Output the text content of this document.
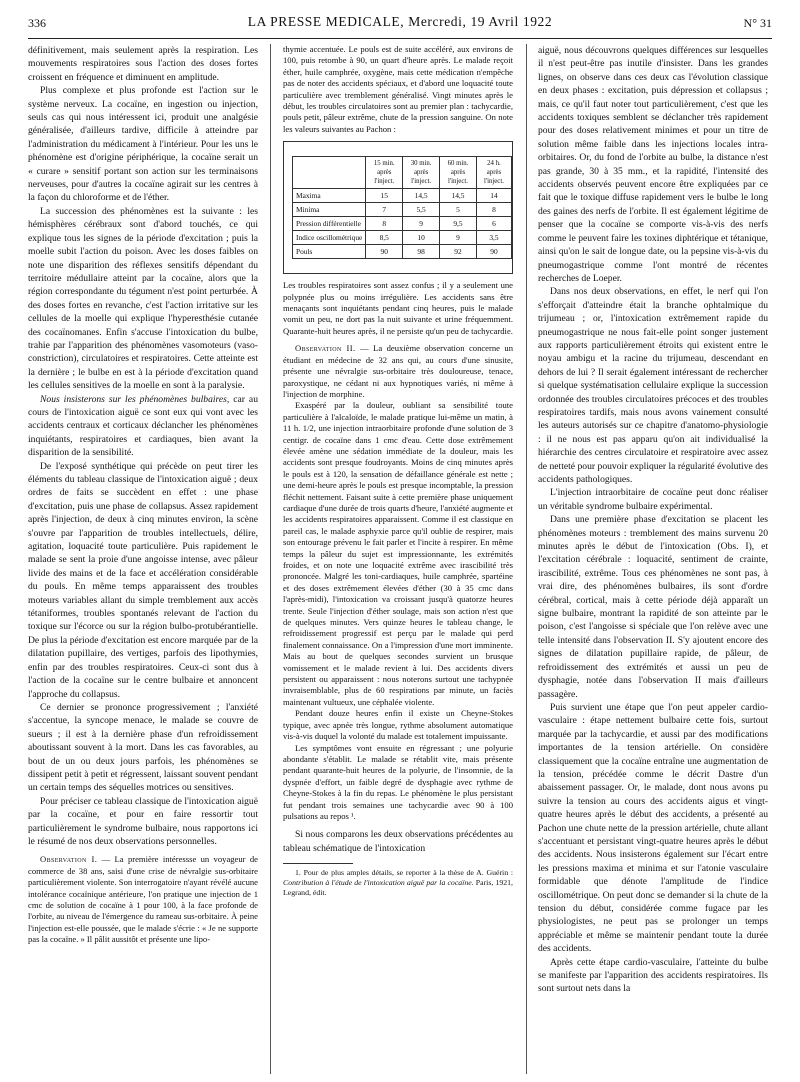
336	LA PRESSE MEDICALE, Mercredi, 19 Avril 1922	N° 31

définitivement, mais seulement après la respiration. Les mouvements respiratoires sous l'action des doses fortes croissent en fréquence et diminuent en amplitude.

Plus complexe et plus profonde est l'action sur le système nerveux. La cocaïne, en ingestion ou injection, seuls cas qui nous intéressent ici, produit une analgésie généralisée, d'ailleurs tardive, difficile à atteindre par l'administration du médicament à l'intérieur. Pour les uns le phénomène est d'origine périphérique, la cocaïne serait un « curare » sensitif portant son action sur les terminaisons nerveuses, pour d'autres la cocaïne agirait sur les centres à la façon du chloroforme et de l'éther.

La succession des phénomènes est la suivante : les hémisphères cérébraux sont d'abord touchés, ce qui explique tous les signes de la période d'excitation ; puis la moelle subit l'action du poison. Avec les doses faibles on note une disparition des réflexes sensitifs dépendant du territoire médullaire atteint par la cocaïne, alors que la région correspondante du tégument n'est point perturbée. À des doses fortes en revanche, c'est l'action irritative sur les cellules de la moelle qui explique l'hyperesthésie cutanée des cocaïnomanes. Enfin s'accuse l'intoxication du bulbe, trahie par l'apparition des phénomènes vasomoteurs (vaso-constriction), circulatoires et respiratoires. Cette atteinte est la dernière ; le bulbe en est à la période d'excitation quand les cellules sensitives de la moelle en sont à la paralysie.

Nous insisterons sur les phénomènes bulbaires, car au cours de l'intoxication aiguë ce sont eux qui vont avec les accidents centraux et corticaux déclancher les phénomènes inquiétants, respiratoires et cardiaques, bien avant la disparition de la sensibilité.

De l'exposé synthétique qui précède on peut tirer les éléments du tableau classique de l'intoxication aiguë ; deux ordres de faits se succèdent en effet : une phase d'excitation, puis une phase de collapsus. Assez rapidement après l'injection, de deux à cinq minutes environ, la scène s'ouvre par l'apparition de troubles intellectuels, délire, agitation, loquacité toute particulière. Puis rapidement le malade se sent la proie d'une angoisse intense, avec pâleur livide des mains et de la face et accélération considérable du pouls. En même temps apparaissent des troubles moteurs variables allant du simple tremblement aux accès tétaniformes, troubles spontanés relevant de l'action du toxique sur l'écorce ou sur la région bulbo-protubérantielle. De plus la période d'excitation est encore marquée par de la dilatation pupillaire, des vertiges, parfois des lipothymies, enfin par des troubles respiratoires. Ceux-ci sont dus à l'action de la cocaïne sur le centre bulbaire et annoncent l'approche du collapsus.

Ce dernier se prononce progressivement ; l'anxiété s'accentue, la syncope menace, le malade se couvre de sueurs ; il est à la dernière phase d'un refroidissement aboutissant souvent à la mort. Dans les cas favorables, au bout de un ou deux jours parfois, les phénomènes se dissipent petit à petit et régressent, laissant souvent pendant un certain temps des séquelles motrices ou sensitives.

Pour préciser ce tableau classique de l'intoxication aiguë par la cocaïne, et pour en faire ressortir tout particulièrement le syndrome bulbaire, nous rapportons ici le résumé de nos deux observations personnelles.

Observation I. — La première intéressse un voyageur de commerce de 38 ans, saisi d'une crise de névralgie sus-orbitaire particulièrement violente. Son interrogatoire n'ayant révélé aucune intolérance cocaïnique antérieure, l'on pratique une injection de 1 cmc de solution de cocaïne à 1 pour 100, à la face profonde de l'orbite, au niveau de l'émergence du rameau sus-orbitaire. À peine l'injection est-elle poussée, que le malade s'écrie : « Je ne supporte pas la cocaïne. » Il pâlit aussitôt et présente une lipo-

thymie accentuée. Le pouls est de suite accéléré, aux environs de 100, puis retombe à 90, un quart d'heure après. Le malade reçoit éther, huile camphrée, oxygène, mais cette médication n'empêche pas de noter des accidents spéciaux, et d'abord une loquacité toute particulière avec tremblement généralisé. Vingt minutes après le début, les troubles circulatoires sont au premier plan : tachycardie, pouls petit, pâleur extrême, chute de la pression sanguine. On note les valeurs suivantes au Pachon :

	15 min. après l'inject.	30 min. après l'inject.	60 min. après l'inject.	24 h. après l'inject.
Maxima	15	14,5	14,5	14
Minima	7	5,5	5	8
Pression différentielle	8	9	9,5	6
Indice oscillométrique	8,5	10	9	3,5
Pouls	90	98	92	90

Les troubles respiratoires sont assez confus ; il y a seulement une polypnée plus ou moins irrégulière. Les accidents sans être menaçants sont inquiétants pendant cinq heures, puis le malade vomit un peu, ne dort pas la nuit suivante et urine fréquemment. Quarante-huit heures après, il ne persiste qu'un peu de tachycardie.

Observation II. — La deuxième observation concerne un étudiant en médecine de 32 ans qui, au cours d'une sinusite, présente une névralgie sus-orbitaire très douloureuse, tenace, paroxystique, ne cédant ni aux hypnotiques variés, ni même à l'injection de morphine.

Exaspéré par la douleur, oubliant sa sensibilité toute particulière à l'alcaloïde, le malade pratique lui-même un matin, à 11 h. 1/2, une injection intraorbitaire profonde d'une solution de 3 centigr. de cocaïne dans 1 cmc d'eau. Cette dose extrêmement élevée amène une sédation immédiate de la douleur, mais les accidents sont presque foudroyants. Moins de cinq minutes après le pouls est à 120, la sensation de défaillance générale est nette ; une demi-heure après le pouls est presque incomptable, la pression fléchit nettement. Faisant suite à cette première phase uniquement cardiaque d'une durée de trois quarts d'heure, l'anxiété augmente et les accidents respiratoires apparaissent. Comme il est classique en pareil cas, le malade asphyxie parce qu'il oublie de respirer, mais son entourage prévenu le fait parler et l'incite à respirer. En même temps la pâleur du sujet est impressionnante, les extrémités froides, et on note une loquacité extrême avec irascibilité très prononcée. Malgré les toni-cardiaques, huile camphrée, spartéine et des doses extrêmement élevées d'éther (30 à 35 cmc dans l'après-midi), l'intoxication va croissant jusqu'à quatorze heures trente. Seule l'injection d'éther soulage, mais son action n'est que de quelques minutes. Vers quinze heures le tableau change, le refroidissement progressif est perçu par le malade qui perd finalement connaissance. On a l'impression d'une mort imminente. Mais au bout de quelques secondes survient un brusque vomissement et le malade revient à lui. Des accidents divers persistent ou apparaissent : nous noterons surtout une tachypnée invraisemblable, plus de 60 respirations par minute, un faciès maintenant vultueux, une céphalée violente.

Pendant douze heures enfin il existe un Cheyne-Stokes typique, avec apnée très longue, rythme absolument automatique vis-à-vis duquel la volonté du malade est totalement impuissante.

Les symptômes vont ensuite en régressant ; une polyurie abondante s'établit. Le malade se rétablit vite, mais présente pendant quarante-huit heures de la polyurie, de l'insomnie, de la dyspnée d'effort, un faible degré de dysphagie avec rythme de Cheyne-Stokes à la fin du repas. Le phénomène le plus persistant fut pendant trois semaines une tachycardie avec 90 à 100 pulsations au repos ¹.

Si nous comparons les deux observations précédentes au tableau schématique de l'intoxication

1. Pour de plus amples détails, se reporter à la thèse de A. Guérin : Contribution à l'étude de l'intoxication aiguë par la cocaïne. Paris, 1921, Legrand, édit.

aiguë, nous découvrons quelques différences sur lesquelles il n'est peut-être pas inutile d'insister. Dans les grandes lignes, on observe dans ces deux cas l'évolution classique en deux phases : excitation, puis dépression et collapsus ; mais, ce qu'il faut noter tout particulièrement, c'est que les accidents toxiques semblent se déclancher très rapidement pour des doses relativement minimes et pour un titre de solution même faible dans les injections locales intra-orbitaires. Or, du fond de l'orbite au bulbe, la distance n'est pas grande, 30 à 35 mm., et la rapidité, l'intensité des accidents observés peuvent encore être expliquées par ce fait que le toxique diffuse rapidement vers le bulbe le long des gaines des nerfs de l'orbite. Il est également légitime de penser que la cocaïne se comporte vis-à-vis des nerfs comme le peuvent faire les toxines diphtérique et tétanique, ainsi qu'on le sait de longue date, ou la pepsine vis-à-vis du pneumogastrique comme l'ont montré de récentes recherches de Loeper.

Dans nos deux observations, en effet, le nerf qui l'on s'efforçait d'atteindre était la branche ophtalmique du trijumeau ; or, l'intoxication extrêmement rapide du pneumogastrique ne nous fait-elle point songer justement aux rapports particulièrement étroits qui existent entre le noyau ambigu et la racine du trijumeau, descendant en dehors de lui ? Il serait également intéressant de rechercher si quelque systématisation cellulaire explique la succession ordonnée des troubles circulatoires précoces et des troubles respiratoires tardifs, mais nous avons vainement consulté les auteurs autorisés sur ce chapitre d'anatomo-physiologie : il ne nous est pas apparu qu'on ait individualisé la hiérarchie des centres circulatoire et respiratoire avec assez de netteté pour pouvoir expliquer la régularité évolutive des accidents pathologiques.

L'injection intraorbitaire de cocaïne peut donc réaliser un véritable syndrome bulbaire expérimental.

Dans une première phase d'excitation se placent les phénomènes moteurs : tremblement des mains survenu 20 minutes après le début de l'intoxication (Obs. I), et l'excitation cérébrale : loquacité, sentiment de crainte, irascibilité, extrême. Tous ces phénomènes ne sont pas, à vrai dire, des phénomènes bulbaires, ils sont d'ordre cérébral, cortical, mais à cette période déjà apparaît un signe bulbaire, montrant la rapidité de son atteinte par le poison, c'est l'angoisse si spéciale que l'on relève avec une telle intensité dans l'observation II. S'y ajoutent encore des signes de dilatation pupillaire rapide, de pâleur, de refroidissement des extrémités et aussi un peu de dysphagie, notée dans l'observation II mais d'ailleurs passagère.

Puis survient une étape que l'on peut appeler cardio-vasculaire : étape nettement bulbaire cette fois, surtout marquée par la tachycardie, et aussi par des modifications importantes de la tension artérielle. On considère classiquement que la cocaïne entraîne une augmentation de la tension, précédée comme le décrit Dastre d'un abaissement passager. Or, le malade, dont nous avons pu suivre la tension au cours des accidents aigus et vingt-quatre heures après le début des accidents, a présenté au Pachon une chute nette de la pression artérielle, chute allant s'accentuant et persistant vingt-quatre heures après le début des accidents. Nous insisterons également sur l'écart entre les pressions maxima et minima et sur l'atonie vasculaire formidable que dénote l'amplitude de l'indice oscillométrique. On peut donc se demander si la chute de la tension du début, considérée comme fugace par les physiologistes, ne peut pas se prolonger un temps appréciable et même se maintenir pendant toute la durée des accidents.

Après cette étape cardio-vasculaire, l'atteinte du bulbe se manifeste par l'apparition des accidents respiratoires. Ils sont surtout nets dans la
